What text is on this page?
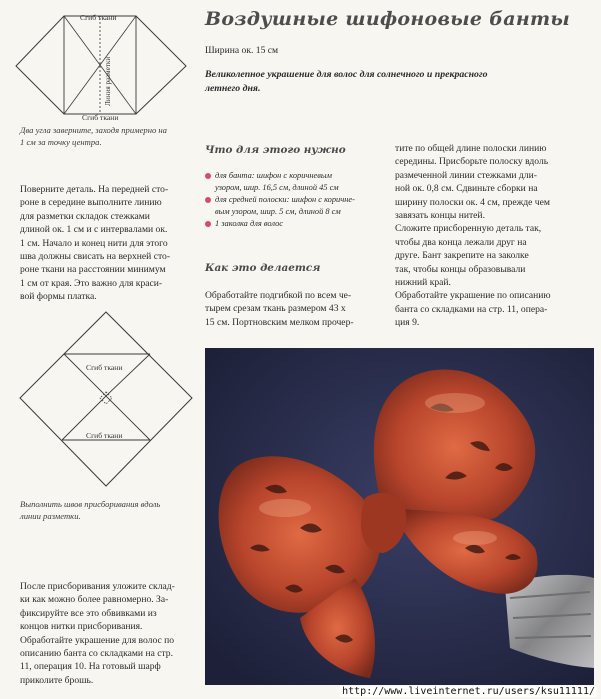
Воздушные шифоновые банты
Ширина ок. 15 см
Великолепное украшение для волос для солнечного и прекрасного
летнего дня.
Сгиб ткани
Сгиб ткани
Линия разметки
Два угла заверните, заходя примерно на
1 см за точку центра.

Поверните деталь. На передней сто-

роне в середине выполните линию

для разметки складок стежками

длиной ок. 1 см и с интервалами ок.

1 см. Начало и конец нити для этого

шва должны свисать на верхней сто-

роне ткани на расстоянии минимум

1 см от края. Это важно для краси-

вой формы платка.

Сгиб ткани
Сгиб ткани
Выполнить швов присборивания вдоль
линии разметки.

После присборивания уложите склад-

ки как можно более равномерно. За-

фиксируйте все это обвивками из

концов нитки присборивания.

Обработайте украшение для волос по

описанию банта со складками на стр.

11, операция 10. На готовый шарф

приколите брошь.

Что для этого нужно
для банта: шифон с коричневым
узором, шир. 16,5 см, длиной 45 см
для средней полоски: шифон с коричне-
вым узором, шир. 5 см, длиной 8 см
1 заколка для волос
Как это делается

Обработайте подгибкой по всем че-

тырем срезам ткань размером 43 х

15 см. Портновским мелком прочер-

тите по общей длине полоски линию

середины. Присборьте полоску вдоль

размеченной линии стежками дли-

ной ок. 0,8 см. Сдвиньте сборки на

ширину полоски ок. 4 см, прежде чем

завязать концы нитей.

Сложите присборенную деталь так,

чтобы два конца лежали друг на

друге. Бант закрепите на заколке

так, чтобы концы образовывали

нижний край.

Обработайте украшение по описанию

банта со складками на стр. 11, опера-

ция 9.

http://www.liveinternet.ru/users/ksu11111/
